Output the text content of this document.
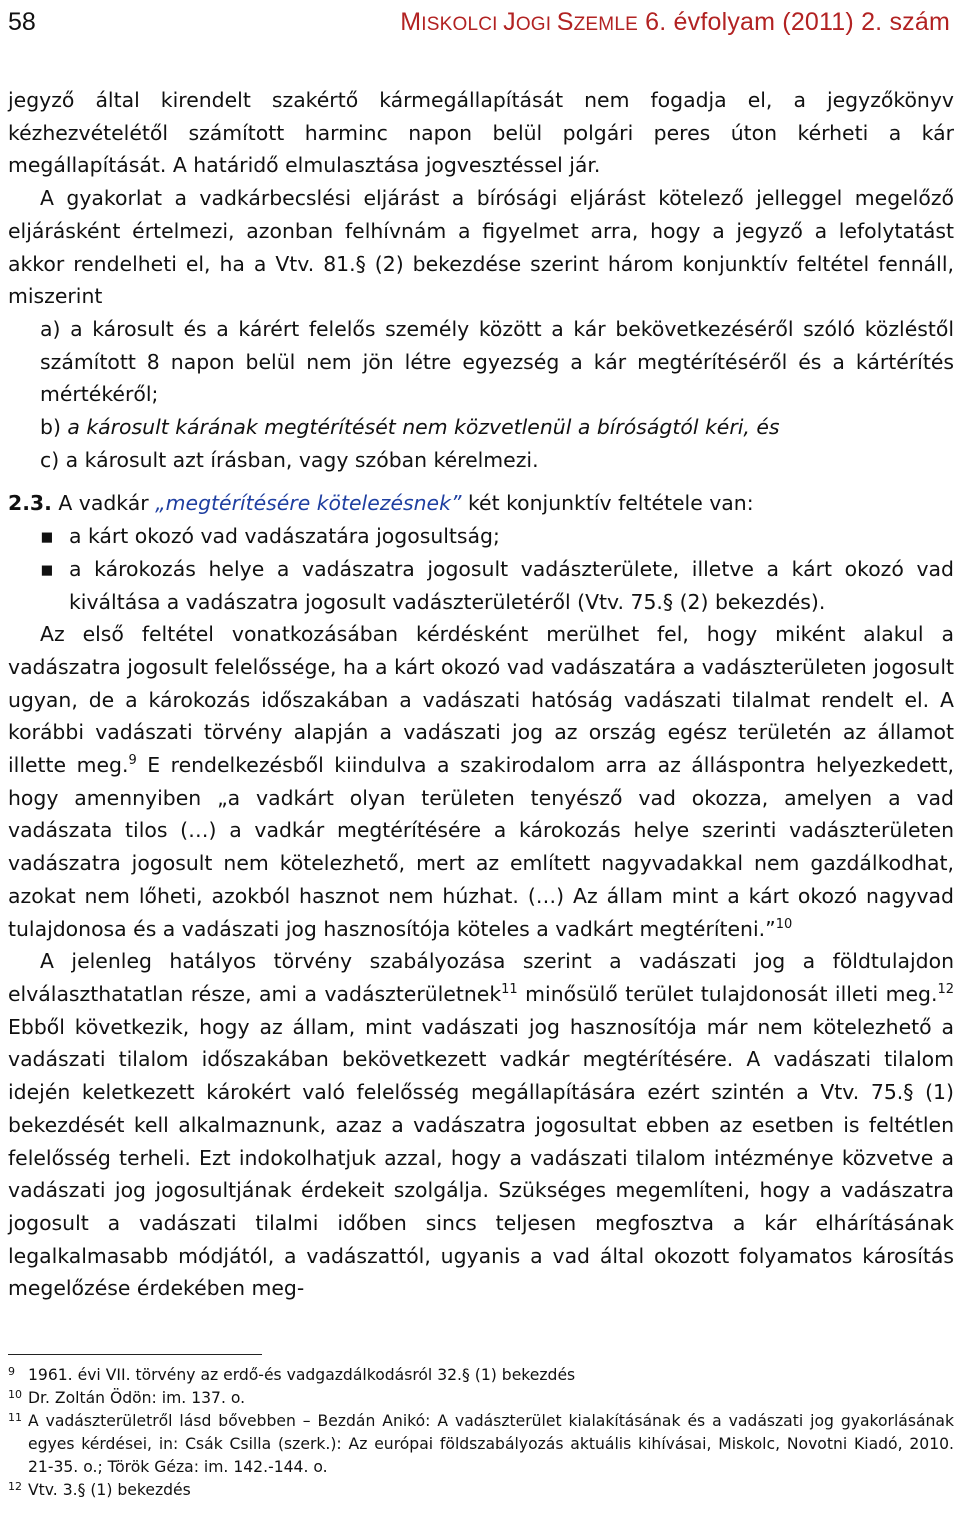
58	MISKOLCI JOGI SZEMLE 6. évfolyam (2011) 2. szám

jegyző által kirendelt szakértő kármegállapítását nem fogadja el, a jegyzőkönyv kézhezvételétől számított harminc napon belül polgári peres úton kérheti a kár megállapítását. A határidő elmulasztása jogvesztéssel jár.

A gyakorlat a vadkárbecslési eljárást a bírósági eljárást kötelező jelleggel megelőző eljárásként értelmezi, azonban felhívnám a figyelmet arra, hogy a jegyző a lefolytatást akkor rendelheti el, ha a Vtv. 81.§ (2) bekezdése szerint három konjunktív feltétel fennáll, miszerint

a) a károsult és a kárért felelős személy között a kár bekövetkezéséről szóló közléstől számított 8 napon belül nem jön létre egyezség a kár megtérítéséről és a kártérítés mértékéről;

b) a károsult kárának megtérítését nem közvetlenül a bíróságtól kéri, és

c) a károsult azt írásban, vagy szóban kérelmezi.

2.3. A vadkár „megtérítésére kötelezésnek” két konjunktív feltétele van:

▪ a kárt okozó vad vadászatára jogosultság;
▪ a károkozás helye a vadászatra jogosult vadászterülete, illetve a kárt okozó vad kiváltása a vadászatra jogosult vadászterületéről (Vtv. 75.§ (2) bekezdés).

Az első feltétel vonatkozásában kérdésként merülhet fel, hogy miként alakul a vadászatra jogosult felelőssége, ha a kárt okozó vad vadászatára a vadászterületen jogosult ugyan, de a károkozás időszakában a vadászati hatóság vadászati tilalmat rendelt el. A korábbi vadászati törvény alapján a vadászati jog az ország egész területén az államot illette meg.$^9$ E rendelkezésből kiindulva a szakirodalom arra az álláspontra helyezkedett, hogy amennyiben „a vadkárt olyan területen tenyésző vad okozza, amelyen a vad vadászata tilos (…) a vadkár megtérítésére a károkozás helye szerinti vadászterületen vadászatra jogosult nem kötelezhető, mert az említett nagyvadakkal nem gazdálkodhat, azokat nem lőheti, azokból hasznot nem húzhat. (…) Az állam mint a kárt okozó nagyvad tulajdonosa és a vadászati jog hasznosítója köteles a vadkárt megtéríteni.”$^{10}$

A jelenleg hatályos törvény szabályozása szerint a vadászati jog a földtulajdon elválaszthatatlan része, ami a vadászterületnek$^{11}$ minősülő terület tulajdonosát illeti meg.$^{12}$ Ebből következik, hogy az állam, mint vadászati jog hasznosítója már nem kötelezhető a vadászati tilalom időszakában bekövetkezett vadkár megtérítésére. A vadászati tilalom idején keletkezett károkért való felelősség megállapítására ezért szintén a Vtv. 75.§ (1) bekezdését kell alkalmaznunk, azaz a vadászatra jogosultat ebben az esetben is feltétlen felelősség terheli. Ezt indokolhatjuk azzal, hogy a vadászati tilalom intézménye közvetve a vadászati jog jogosultjának érdekeit szolgálja. Szükséges megemlíteni, hogy a vadászatra jogosult a vadászati tilalmi időben sincs teljesen megfosztva a kár elhárításának legalkalmasabb módjától, a vadászattól, ugyanis a vad által okozott folyamatos károsítás megelőzése érdekében meg-

9 1961. évi VII. törvény az erdő-és vadgazdálkodásról 32.§ (1) bekezdés
10 Dr. Zoltán Ödön: im. 137. o.
11 A vadászterületről lásd bővebben – Bezdán Anikó: A vadászterület kialakításának és a vadászati jog gyakorlásának egyes kérdései, in: Csák Csilla (szerk.): Az európai földszabályozás aktuális kihívásai, Miskolc, Novotni Kiadó, 2010. 21-35. o.; Török Géza: im. 142.-144. o.
12 Vtv. 3.§ (1) bekezdés
